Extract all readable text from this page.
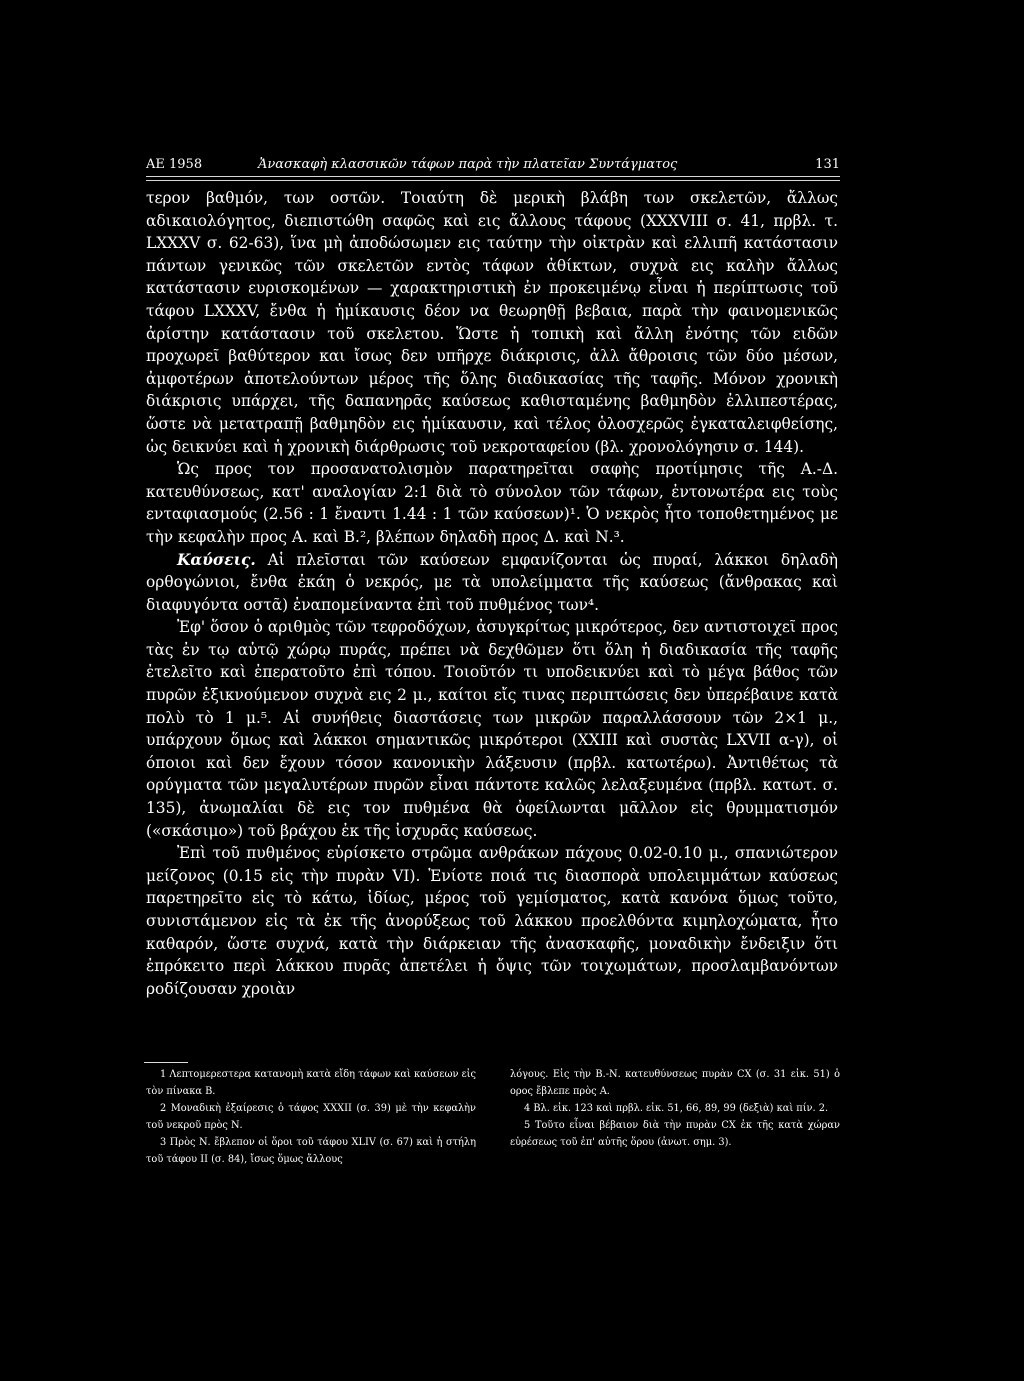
ΑΕ 1958	Ἀνασκαφὴ κλασσικῶν τάφων παρὰ τὴν πλατεῖαν Συντάγματος	131

τερον βαθμόν, των οστῶν. Τοιαύτη δὲ μερικὴ βλάβη των σκελετῶν, ἄλλως αδικαιολόγητος, διεπιστώθη σαφῶς καὶ εις ἄλλους τάφους (XXXVIII σ. 41, πρβλ. τ. LXXXV σ. 62-63), ἵνα μὴ ἀποδώσωμεν εις ταύτην τὴν οἰκτρὰν καὶ ελλιπῆ κατάστασιν πάντων γενικῶς τῶν σκελετῶν εντὸς τάφων ἀθίκτων, συχνὰ εις καλὴν ἄλλως κατάστασιν ευρισκομένων — χαρακτηριστικὴ ἐν προκειμένῳ εἶναι ἡ περίπτωσις τοῦ τάφου LXXXV, ἔνθα ἡ ἡμίκαυσις δέον να θεωρηθῇ βεβαια, παρὰ τὴν φαινομενικῶς ἀρίστην κατάστασιν τοῦ σκελετου. Ὥστε ἡ τοπικὴ καὶ ἄλλη ἑνότης τῶν ειδῶν προχωρεῖ βαθύτερον και ἴσως δεν υπῆρχε διάκρισις, ἀλλ ἄθροισις τῶν δύο μέσων, ἀμφοτέρων ἀποτελούντων μέρος τῆς ὅλης διαδικασίας τῆς ταφῆς. Μόνον χρονικὴ διάκρισις υπάρχει, τῆς δαπανηρᾶς καύσεως καθισταμένης βαθμηδὸν ἐλλιπεστέρας, ὥστε νὰ μετατραπῇ βαθμηδὸν εις ἡμίκαυσιν, καὶ τέλος ὁλοσχερῶς ἐγκαταλειφθείσης, ὡς δεικνύει καὶ ἡ χρονικὴ διάρθρωσις τοῦ νεκροταφείου (βλ. χρονολόγησιν σ. 144).

Ὡς προς τον προσανατολισμὸν παρατηρεῖται σαφὴς προτίμησις τῆς Α.-Δ. κατευθύνσεως, κατ' αναλογίαν 2:1 διὰ τὸ σύνολον τῶν τάφων, ἐντονωτέρα εις τοὺς ενταφιασμούς (2.56 : 1 ἔναντι 1.44 : 1 τῶν καύσεων)¹. Ὁ νεκρὸς ἦτο τοποθετημένος με τὴν κεφαλὴν προς Α. καὶ Β.², βλέπων δηλαδὴ προς Δ. καὶ Ν.³.

Καύσεις. Αἱ πλεῖσται τῶν καύσεων εμφανίζονται ὡς πυραί, λάκκοι δηλαδὴ ορθογώνιοι, ἔνθα ἐκάη ὁ νεκρός, με τὰ υπολείμματα τῆς καύσεως (ἄνθρακας καὶ διαφυγόντα οστᾶ) ἐναπομείναντα ἐπὶ τοῦ πυθμένος των⁴.

Ἐφ' ὅσον ὁ αριθμὸς τῶν τεφροδόχων, ἀσυγκρίτως μικρότερος, δεν αντιστοιχεῖ προς τὰς ἐν τῳ αὐτῷ χώρῳ πυράς, πρέπει νὰ δεχθῶμεν ὅτι ὅλη ἡ διαδικασία τῆς ταφῆς ἐτελεῖτο καὶ ἐπερατοῦτο ἐπὶ τόπου. Τοιοῦτόν τι υποδεικνύει καὶ τὸ μέγα βάθος τῶν πυρῶν ἐξικνούμενον συχνὰ εις 2 μ., καίτοι εἴς τινας περιπτώσεις δεν ὑπερέβαινε κατὰ πολὺ τὸ 1 μ.⁵. Αἱ συνήθεις διαστάσεις των μικρῶν παραλλάσσουν τῶν 2×1 μ., υπάρχουν ὅμως καὶ λάκκοι σημαντικῶς μικρότεροι (XXIII καὶ συστὰς LXVII α-γ), οἱ όποιοι καὶ δεν ἔχουν τόσον κανονικὴν λάξευσιν (πρβλ. κατωτέρω). Ἀντιθέτως τὰ ορύγματα τῶν μεγαλυτέρων πυρῶν εἶναι πάντοτε καλῶς λελαξευμένα (πρβλ. κατωτ. σ. 135), ἀνωμαλίαι δὲ εις τον πυθμένα θὰ ὀφείλωνται μᾶλλον εἰς θρυμματισμόν («σκάσιμο») τοῦ βράχου ἐκ τῆς ἰσχυρᾶς καύσεως.

Ἐπὶ τοῦ πυθμένος εὑρίσκετο στρῶμα ανθράκων πάχους 0.02-0.10 μ., σπανιώτερον μείζονος (0.15 εἰς τὴν πυρὰν VI). Ἐνίοτε ποιά τις διασπορὰ υπολειμμάτων καύσεως παρετηρεῖτο εἰς τὸ κάτω, ἰδίως, μέρος τοῦ γεμίσματος, κατὰ κανόνα ὅμως τοῦτο, συνιστάμενον εἰς τὰ ἐκ τῆς ἀνορύξεως τοῦ λάκκου προελθόντα κιμηλοχώματα, ἦτο καθαρόν, ὥστε συχνά, κατὰ τὴν διάρκειαν τῆς ἀνασκαφῆς, μοναδικὴν ἔνδειξιν ὅτι ἐπρόκειτο περὶ λάκκου πυρᾶς ἀπετέλει ἡ ὄψις τῶν τοιχωμάτων, προσλαμβανόντων ροδίζουσαν χροιὰν

1 Λεπτομερεστερα κατανομὴ κατὰ εἴδη τάφων καὶ καύσεων εἰς τὸν πίνακα Β.

2 Μοναδικὴ ἐξαίρεσις ὁ τάφος XXXII (σ. 39) μὲ τὴν κεφαλὴν τοῦ νεκροῦ πρὸς Ν.

3 Πρὸς Ν. ἔβλεπον οἱ ὅροι τοῦ τάφου XLIV (σ. 67) καὶ ἡ στήλη τοῦ τάφου II (σ. 84), ἴσως ὅμως ἄλλους

λόγους. Εἰς τὴν Β.-Ν. κατευθύνσεως πυρὰν CX (σ. 31 εἰκ. 51) ὁ ορος ἔβλεπε πρὸς Α.

4 Βλ. εἰκ. 123 καὶ πρβλ. εἰκ. 51, 66, 89, 99 (δεξιὰ) καὶ πίν. 2.

5 Τοῦτο εἶναι βέβαιον διὰ τὴν πυρὰν CX ἐκ τῆς κατὰ χώραν εὑρέσεως τοῦ ἐπ' αὐτῆς ὅρου (ἀνωτ. σημ. 3).
